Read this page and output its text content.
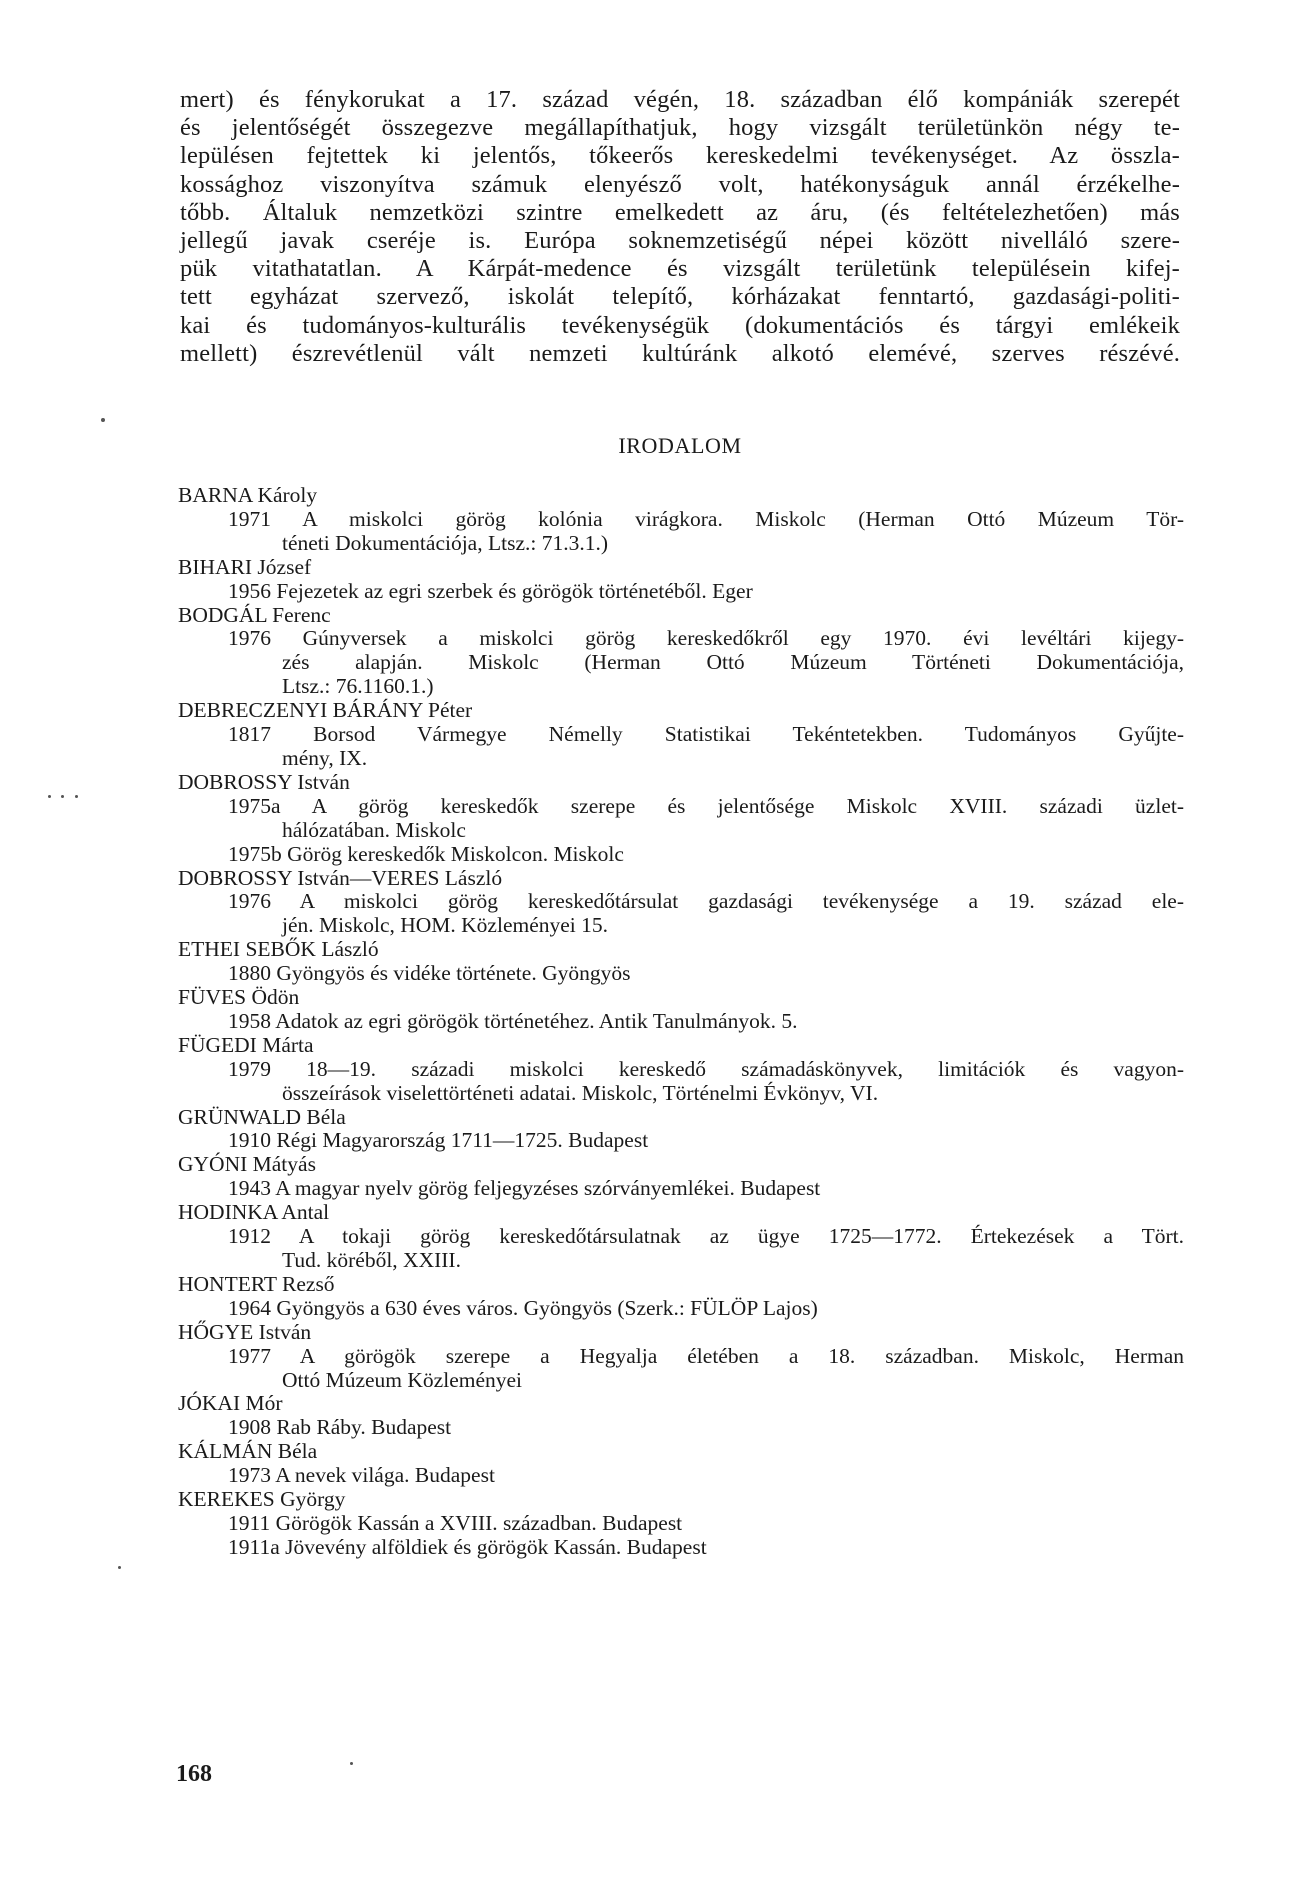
mert) és fénykorukat a 17. század végén, 18. században élő kompániák szerepét
és jelentőségét összegezve megállapíthatjuk, hogy vizsgált területünkön négy te-
lepülésen fejtettek ki jelentős, tőkeerős kereskedelmi tevékenységet. Az összla-
kossághoz viszonyítva számuk elenyésző volt, hatékonyságuk annál érzékelhe-
tőbb. Általuk nemzetközi szintre emelkedett az áru, (és feltételezhetően) más
jellegű javak cseréje is. Európa soknemzetiségű népei között nivelláló szere-
pük vitathatatlan. A Kárpát-medence és vizsgált területünk településein kifej-
tett egyházat szervező, iskolát telepítő, kórházakat fenntartó, gazdasági-politi-
kai és tudományos-kulturális tevékenységük (dokumentációs és tárgyi emlékeik
mellett) észrevétlenül vált nemzeti kultúránk alkotó elemévé, szerves részévé.
IRODALOM
BARNA Károly
1971 A miskolci görög kolónia virágkora. Miskolc (Herman Ottó Múzeum Tör-
téneti Dokumentációja, Ltsz.: 71.3.1.)
BIHARI József
1956 Fejezetek az egri szerbek és görögök történetéből. Eger
BODGÁL Ferenc
1976 Gúnyversek a miskolci görög kereskedőkről egy 1970. évi levéltári kijegy-
zés alapján. Miskolc (Herman Ottó Múzeum Történeti Dokumentációja,
Ltsz.: 76.1160.1.)
DEBRECZENYI BÁRÁNY Péter
1817 Borsod Vármegye Némelly Statistikai Tekéntetekben. Tudományos Gyűjte-
mény, IX.
DOBROSSY István
1975a A görög kereskedők szerepe és jelentősége Miskolc XVIII. századi üzlet-
hálózatában. Miskolc
1975b Görög kereskedők Miskolcon. Miskolc
DOBROSSY István—VERES László
1976 A miskolci görög kereskedőtársulat gazdasági tevékenysége a 19. század ele-
jén. Miskolc, HOM. Közleményei 15.
ETHEI SEBŐK László
1880 Gyöngyös és vidéke története. Gyöngyös
FÜVES Ödön
1958 Adatok az egri görögök történetéhez. Antik Tanulmányok. 5.
FÜGEDI Márta
1979 18—19. századi miskolci kereskedő számadáskönyvek, limitációk és vagyon-
összeírások viselettörténeti adatai. Miskolc, Történelmi Évkönyv, VI.
GRÜNWALD Béla
1910 Régi Magyarország 1711—1725. Budapest
GYÓNI Mátyás
1943 A magyar nyelv görög feljegyzéses szórványemlékei. Budapest
HODINKA Antal
1912 A tokaji görög kereskedőtársulatnak az ügye 1725—1772. Értekezések a Tört.
Tud. köréből, XXIII.
HONTERT Rezső
1964 Gyöngyös a 630 éves város. Gyöngyös (Szerk.: FÜLÖP Lajos)
HŐGYE István
1977 A görögök szerepe a Hegyalja életében a 18. században. Miskolc, Herman
Ottó Múzeum Közleményei
JÓKAI Mór
1908 Rab Ráby. Budapest
KÁLMÁN Béla
1973 A nevek világa. Budapest
KEREKES György
1911 Görögök Kassán a XVIII. században. Budapest
1911a Jövevény alföldiek és görögök Kassán. Budapest
168
